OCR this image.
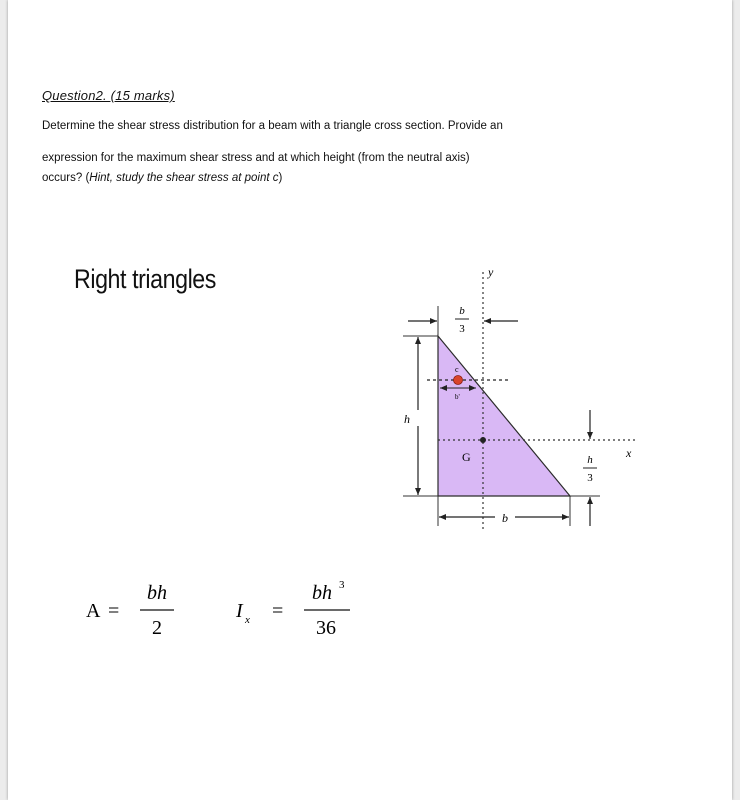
Question2. (15 marks)
Determine the shear stress distribution for a beam with a triangle cross section. Provide an
expression for the maximum shear stress and at which height (from the neutral axis)
occurs? (Hint, study the shear stress at point c)
Right triangles	y
x
b
3
h
c
b'
G	h
3
b
A =
bh
2
I x =
bh 3
36
